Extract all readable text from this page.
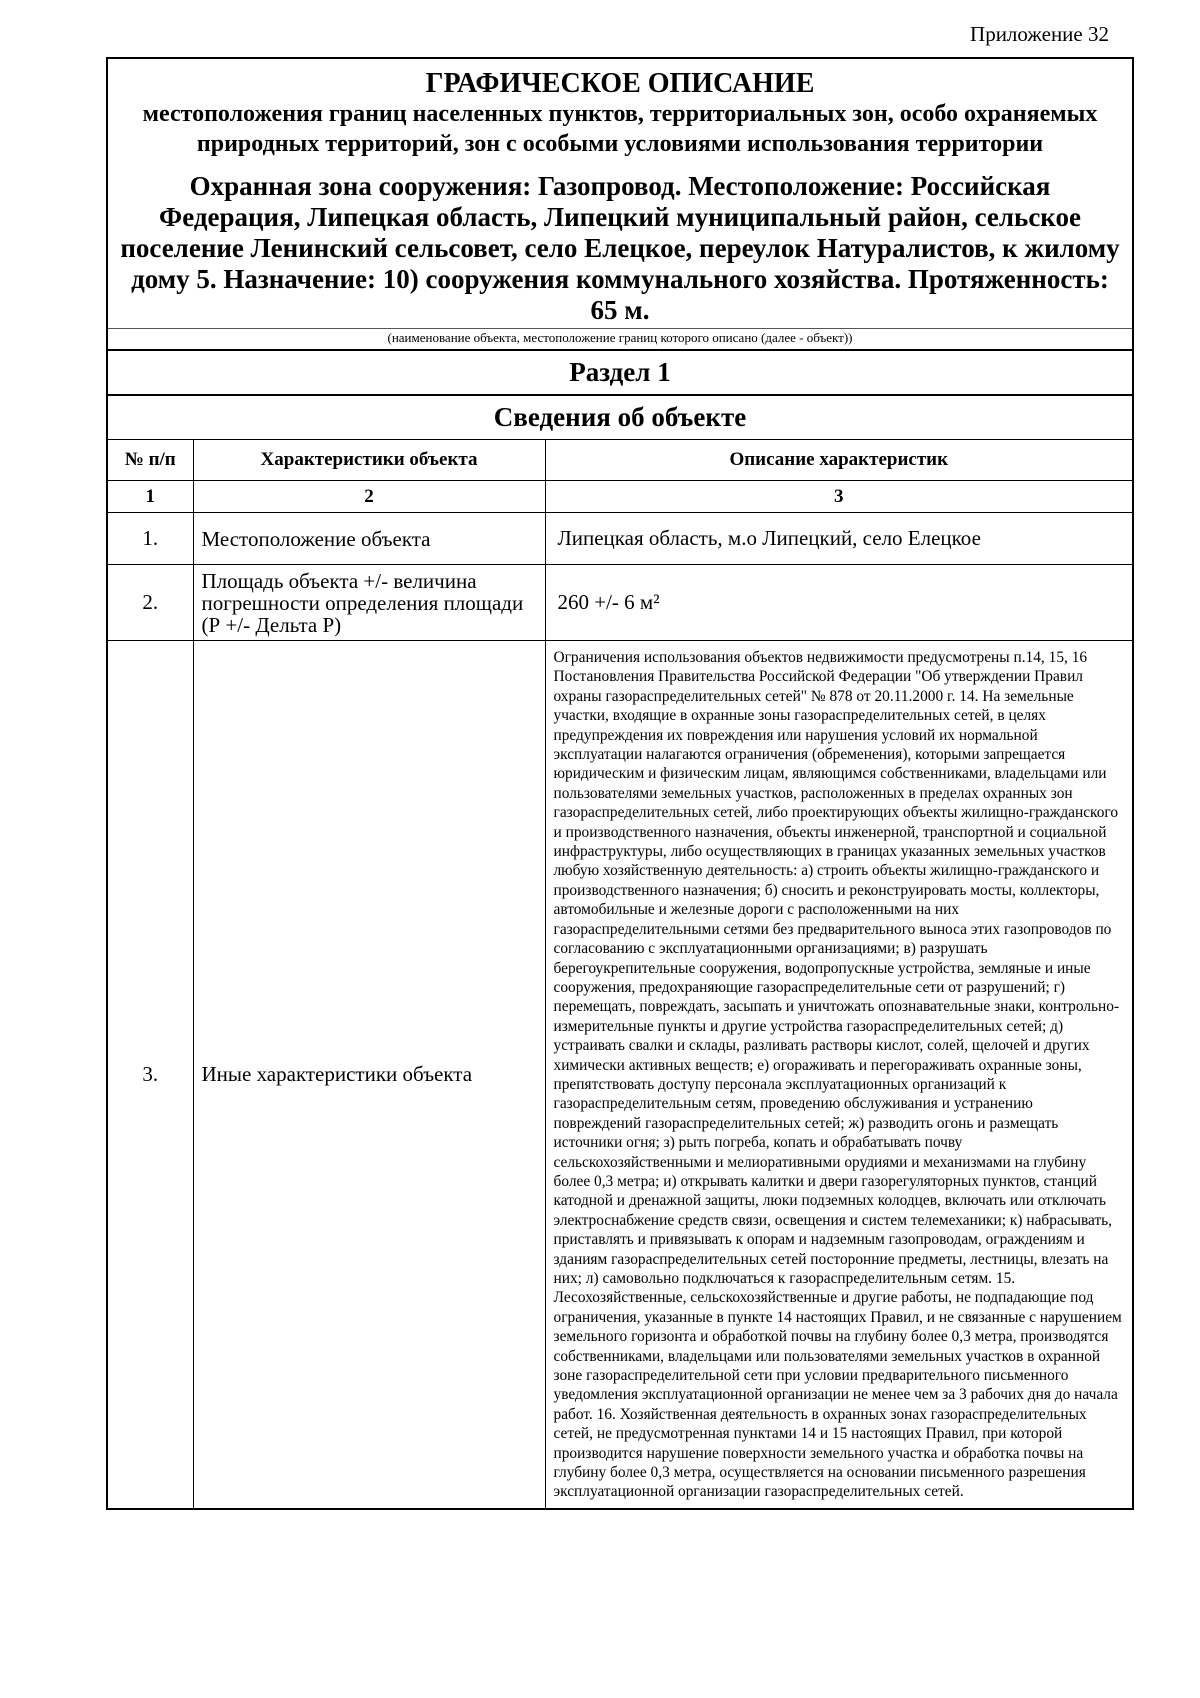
Приложение 32
ГРАФИЧЕСКОЕ ОПИСАНИЕ
местоположения границ населенных пунктов, территориальных зон, особо охраняемых природных территорий, зон с особыми условиями использования территории
Охранная зона сооружения: Газопровод. Местоположение: Российская Федерация, Липецкая область, Липецкий муниципальный район, сельское поселение Ленинский сельсовет, село Елецкое, переулок Натуралистов, к жилому дому 5. Назначение: 10) сооружения коммунального хозяйства. Протяженность: 65 м.
(наименование объекта, местоположение границ которого описано (далее - объект))
Раздел 1
Сведения об объекте
№ п/п	Характеристики объекта	Описание характеристик
1	2	3
1.	Местоположение объекта	Липецкая область, м.о Липецкий, село Елецкое
2.	Площадь объекта +/- величина погрешности определения площади (Р +/- Дельта Р)	260 +/- 6 м²
3.	Иные характеристики объекта	Ограничения использования объектов недвижимости предусмотрены п.14, 15, 16 Постановления Правительства Российской Федерации "Об утверждении Правил охраны газораспределительных сетей" № 878 от 20.11.2000 г. 14. На земельные участки, входящие в охранные зоны газораспределительных сетей, в целях предупреждения их повреждения или нарушения условий их нормальной эксплуатации налагаются ограничения (обременения), которыми запрещается юридическим и физическим лицам, являющимся собственниками, владельцами или пользователями земельных участков, расположенных в пределах охранных зон газораспределительных сетей, либо проектирующих объекты жилищно-гражданского и производственного назначения, объекты инженерной, транспортной и социальной инфраструктуры, либо осуществляющих в границах указанных земельных участков любую хозяйственную деятельность: а) строить объекты жилищно-гражданского и производственного назначения; б) сносить и реконструировать мосты, коллекторы, автомобильные и железные дороги с расположенными на них газораспределительными сетями без предварительного выноса этих газопроводов по согласованию с эксплуатационными организациями; в) разрушать берегоукрепительные сооружения, водопропускные устройства, земляные и иные сооружения, предохраняющие газораспределительные сети от разрушений; г) перемещать, повреждать, засыпать и уничтожать опознавательные знаки, контрольно-измерительные пункты и другие устройства газораспределительных сетей; д) устраивать свалки и склады, разливать растворы кислот, солей, щелочей и других химически активных веществ; е) огораживать и перегораживать охранные зоны, препятствовать доступу персонала эксплуатационных организаций к газораспределительным сетям, проведению обслуживания и устранению повреждений газораспределительных сетей; ж) разводить огонь и размещать источники огня; з) рыть погреба, копать и обрабатывать почву сельскохозяйственными и мелиоративными орудиями и механизмами на глубину более 0,3 метра; и) открывать калитки и двери газорегуляторных пунктов, станций катодной и дренажной защиты, люки подземных колодцев, включать или отключать электроснабжение средств связи, освещения и систем телемеханики; к) набрасывать, приставлять и привязывать к опорам и надземным газопроводам, ограждениям и зданиям газораспределительных сетей посторонние предметы, лестницы, влезать на них; л) самовольно подключаться к газораспределительным сетям. 15. Лесохозяйственные, сельскохозяйственные и другие работы, не подпадающие под ограничения, указанные в пункте 14 настоящих Правил, и не связанные с нарушением земельного горизонта и обработкой почвы на глубину более 0,3 метра, производятся собственниками, владельцами или пользователями земельных участков в охранной зоне газораспределительной сети при условии предварительного письменного уведомления эксплуатационной организации не менее чем за 3 рабочих дня до начала работ. 16. Хозяйственная деятельность в охранных зонах газораспределительных сетей, не предусмотренная пунктами 14 и 15 настоящих Правил, при которой производится нарушение поверхности земельного участка и обработка почвы на глубину более 0,3 метра, осуществляется на основании письменного разрешения эксплуатационной организации газораспределительных сетей.
